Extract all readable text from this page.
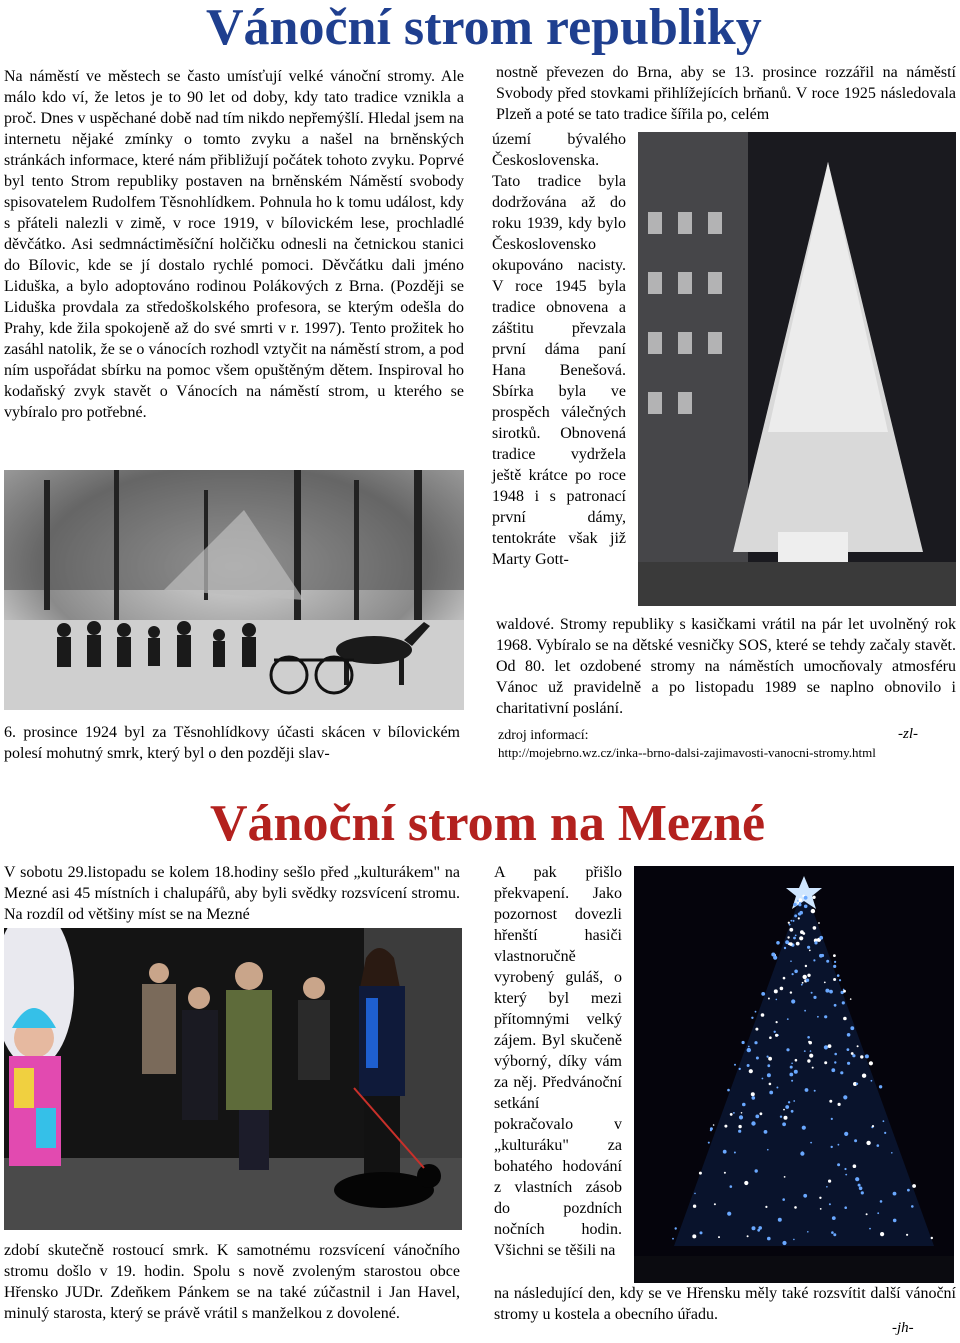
Vánoční strom republiky

Na náměstí ve městech se často umísťují velké vánoční stromy. Ale málo kdo ví, že letos je to 90 let od doby, kdy tato tradice vznikla a proč. Dnes v uspěchané době nad tím nikdo nepřemýšlí. Hledal jsem na internetu nějaké zmínky o tomto zvyku a našel na brněnských stránkách informace, které nám přibližují počátek tohoto zvyku. Poprvé byl tento Strom republiky postaven na brněnském Náměstí svobody spisovatelem Rudolfem Těsnohlídkem. Pohnula ho k tomu událost, kdy s přáteli nalezli v zimě, v roce 1919, v bílovickém lese, prochladlé děvčátko. Asi sedmnáctiměsíční holčičku odnesli na četnickou stanici do Bílovic, kde se jí dostalo rychlé pomoci. Děvčátku dali jméno Liduška, a bylo adoptováno rodinou Polákových z Brna. (Později se Liduška provdala za středoškolského profesora, se kterým odešla do Prahy, kde žila spokojeně až do své smrti v r. 1997). Tento prožitek ho zasáhl natolik, že se o vánocích rozhodl vztyčit na náměstí strom, a pod ním uspořádat sbírku na pomoc všem opuštěným dětem. Inspiroval ho kodaňský zvyk stavět o Vánocích na náměstí strom, u kterého se vybíralo pro potřebné.

6. prosince 1924 byl za Těsnohlídkovy účasti skácen v bílovickém polesí mohutný smrk, který byl o den později slav-

nostně převezen do Brna, aby se 13. prosince rozzářil na náměstí Svobody před stovkami přihlížejících brňanů. V roce 1925 následovala Plzeň a poté se tato tradice šířila po, celém

území bývalého Československa. Tato tradice byla dodržována až do roku 1939, kdy bylo Československo okupováno nacisty. V roce 1945 byla tradice obnovena a záštitu převzala první dáma paní Hana Benešová. Sbírka byla ve prospěch válečných sirotků. Obnovená tradice vydržela ještě krátce po roce 1948 i s patronací první dámy, tentokráte však již Marty Gott-

waldové. Stromy republiky s kasičkami vrátil na pár let uvolněný rok 1968. Vybíralo se na dětské vesničky SOS, které se tehdy začaly stavět. Od 80. let ozdobené stromy na náměstích umocňovaly atmosféru Vánoc už pravidelně a po listopadu 1989 se naplno obnovilo i charitativní poslání.

zdroj informací:	-zl-
http://mojebrno.wz.cz/inka--brno-dalsi-zajimavosti-vanocni-stromy.html
Vánoční strom na Mezné

V sobotu 29.listopadu se kolem 18.hodiny sešlo před „kulturákem" na Mezné asi 45 místních i chalupářů, aby byli svědky rozsvícení stromu. Na rozdíl od většiny míst se na Mezné

zdobí skutečně rostoucí smrk. K samotnému rozsvícení vánočního stromu došlo v 19. hodin. Spolu s nově zvoleným starostou obce Hřensko JUDr. Zdeňkem Pánkem se na také zúčastnil i Jan Havel, minulý starosta, který se právě vrátil s manželkou z dovolené.

A pak přišlo překvapení. Jako pozornost dovezli hřenští hasiči vlastnoručně vyrobený guláš, o který byl mezi přítomnými velký zájem. Byl skučeně výborný, díky vám za něj. Předvánoční setkání pokračovalo v „kulturáku" za bohatého hodování z vlastních zásob do pozdních nočních hodin. Všichni se těšili na

na následující den, kdy se ve Hřensku měly také rozsvítit další vánoční stromy u kostela a obecního úřadu.

-jh-
